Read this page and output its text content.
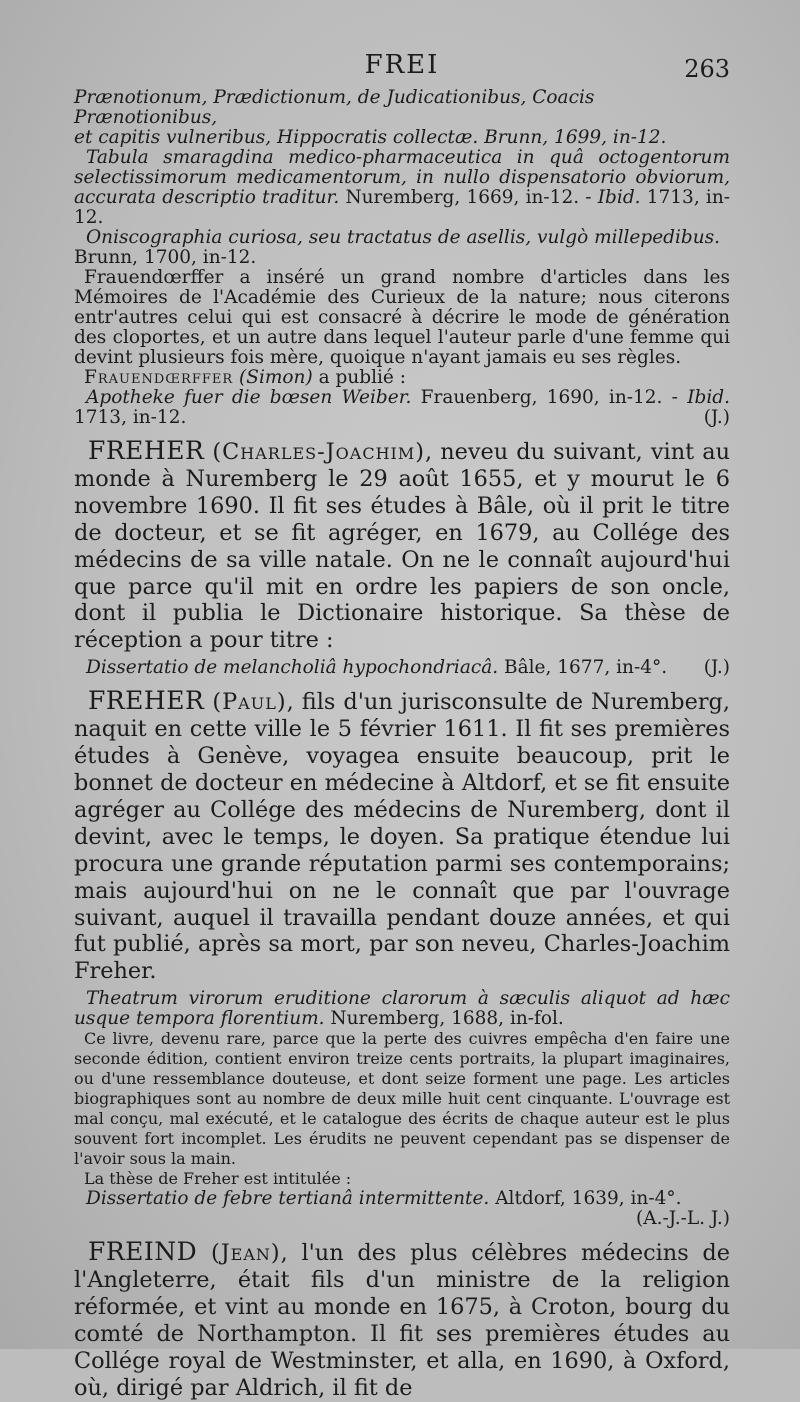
FREI	263

Prænotionum, Prædictionum, de Judicationibus, Coacis Prænotionibus,

et capitis vulneribus, Hippocratis collectæ. Brunn, 1699, in-12.

Tabula smaragdina medico-pharmaceutica in quâ octogentorum selectissimorum medicamentorum, in nullo dispensatorio obviorum, accurata descriptio traditur. Nuremberg, 1669, in-12. - Ibid. 1713, in-12.

Oniscographia curiosa, seu tractatus de asellis, vulgò millepedibus.
Brunn, 1700, in-12.

Frauendœrffer a inséré un grand nombre d'articles dans les Mémoires de l'Académie des Curieux de la nature; nous citerons entr'autres celui qui est consacré à décrire le mode de génération des cloportes, et un autre dans lequel l'auteur parle d'une femme qui devint plusieurs fois mère, quoique n'ayant jamais eu ses règles.

Frauendœrffer (Simon) a publié :

Apotheke fuer die bœsen Weiber. Frauenberg, 1690, in-12. - Ibid. 1713, in-12.	(J.)

FREHER (Charles-Joachim), neveu du suivant, vint au monde à Nuremberg le 29 août 1655, et y mourut le 6 novembre 1690. Il fit ses études à Bâle, où il prit le titre de docteur, et se fit agréger, en 1679, au Collége des médecins de sa ville natale. On ne le connaît aujourd'hui que parce qu'il mit en ordre les papiers de son oncle, dont il publia le Dictionaire historique. Sa thèse de réception a pour titre :

Dissertatio de melancholiâ hypochondriacâ. Bâle, 1677, in-4°.	(J.)

FREHER (Paul), fils d'un jurisconsulte de Nuremberg, naquit en cette ville le 5 février 1611. Il fit ses premières études à Genève, voyagea ensuite beaucoup, prit le bonnet de docteur en médecine à Altdorf, et se fit ensuite agréger au Collége des médecins de Nuremberg, dont il devint, avec le temps, le doyen. Sa pratique étendue lui procura une grande réputation parmi ses contemporains; mais aujourd'hui on ne le connaît que par l'ouvrage suivant, auquel il travailla pendant douze années, et qui fut publié, après sa mort, par son neveu, Charles-Joachim Freher.

Theatrum virorum eruditione clarorum à sæculis aliquot ad hæc usque tempora florentium. Nuremberg, 1688, in-fol.

Ce livre, devenu rare, parce que la perte des cuivres empêcha d'en faire une seconde édition, contient environ treize cents portraits, la plupart imaginaires, ou d'une ressemblance douteuse, et dont seize forment une page. Les articles biographiques sont au nombre de deux mille huit cent cinquante. L'ouvrage est mal conçu, mal exécuté, et le catalogue des écrits de chaque auteur est le plus souvent fort incomplet. Les érudits ne peuvent cependant pas se dispenser de l'avoir sous la main.

La thèse de Freher est intitulée :

Dissertatio de febre tertianâ intermittente. Altdorf, 1639, in-4°.

(A.-J.-L. J.)

FREIND (Jean), l'un des plus célèbres médecins de l'Angleterre, était fils d'un ministre de la religion réformée, et vint au monde en 1675, à Croton, bourg du comté de Northampton. Il fit ses premières études au Collége royal de Westminster, et alla, en 1690, à Oxford, où, dirigé par Aldrich, il fit de
